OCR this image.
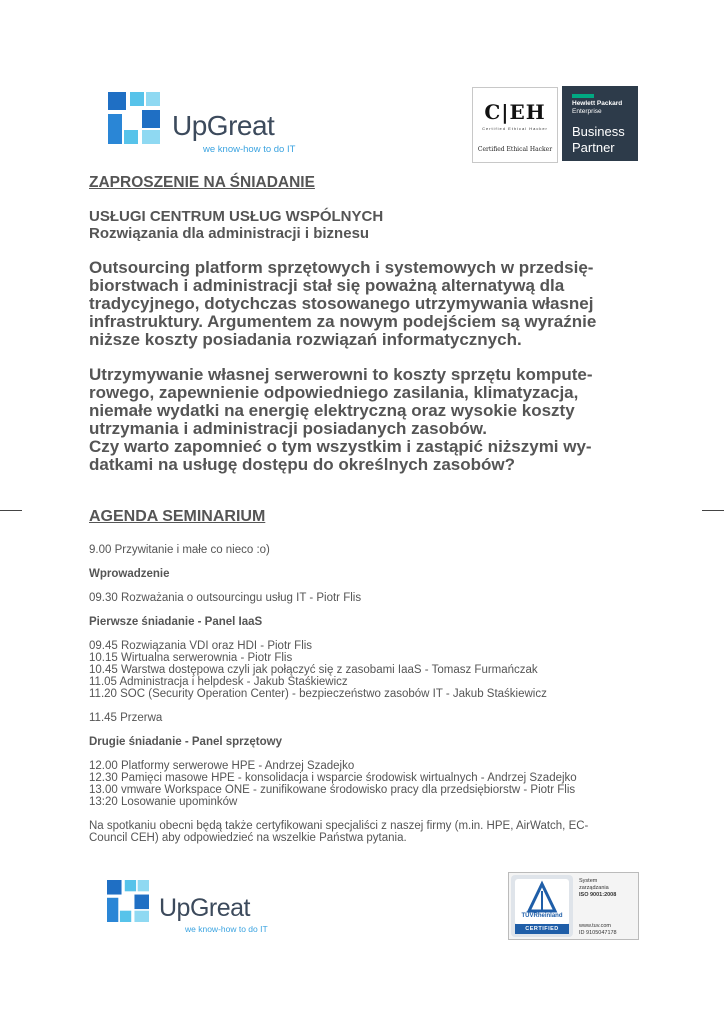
UpGreat
we know-how to do IT
C|EH
Certified Ethical Hacker
Certified Ethical Hacker
Hewlett Packard
Enterprise
Business
Partner
ZAPROSZENIE NA ŚNIADANIE
USŁUGI CENTRUM USŁUG WSPÓLNYCH
Rozwiązania dla administracji i biznesu
Outsourcing platform sprzętowych i systemowych w przedsię-
biorstwach i administracji stał się poważną alternatywą dla
tradycyjnego, dotychczas stosowanego utrzymywania własnej
infrastruktury. Argumentem za nowym podejściem są wyraźnie
niższe koszty posiadania rozwiązań informatycznych.
Utrzymywanie własnej serwerowni to koszty sprzętu kompute-
rowego, zapewnienie odpowiedniego zasilania, klimatyzacja,
niemałe wydatki na energię elektryczną oraz wysokie koszty
utrzymania i administracji posiadanych zasobów.
Czy warto zapomnieć o tym wszystkim i zastąpić niższymi wy-
datkami na usługę dostępu do określnych zasobów?
AGENDA SEMINARIUM
9.00 Przywitanie i małe co nieco :o)
Wprowadzenie
09.30 Rozważania o outsourcingu usług IT - Piotr Flis
Pierwsze śniadanie - Panel IaaS
09.45 Rozwiązania VDI oraz HDI - Piotr Flis
10.15 Wirtualna serwerownia - Piotr Flis
10.45 Warstwa dostępowa czyli jak połączyć się z zasobami IaaS - Tomasz Furmańczak
11.05 Administracja i helpdesk - Jakub Staśkiewicz
11.20 SOC (Security Operation Center) - bezpieczeństwo zasobów IT - Jakub Staśkiewicz
11.45 Przerwa
Drugie śniadanie - Panel sprzętowy
12.00 Platformy serwerowe HPE - Andrzej Szadejko
12.30 Pamięci masowe HPE - konsolidacja i wsparcie środowisk wirtualnych - Andrzej Szadejko
13.00 vmware Workspace ONE - zunifikowane środowisko pracy dla przedsiębiorstw - Piotr Flis
13:20 Losowanie upominków
Na spotkaniu obecni będą także certyfikowani specjaliści z naszej firmy (m.in. HPE, AirWatch, EC-
Council CEH) aby odpowiedzieć na wszelkie Państwa pytania.
UpGreat
we know-how to do IT
TÜVRheinland
CERTIFIED
System
zarządzania
ISO 9001:2008
www.tuv.com
ID 9105047178
